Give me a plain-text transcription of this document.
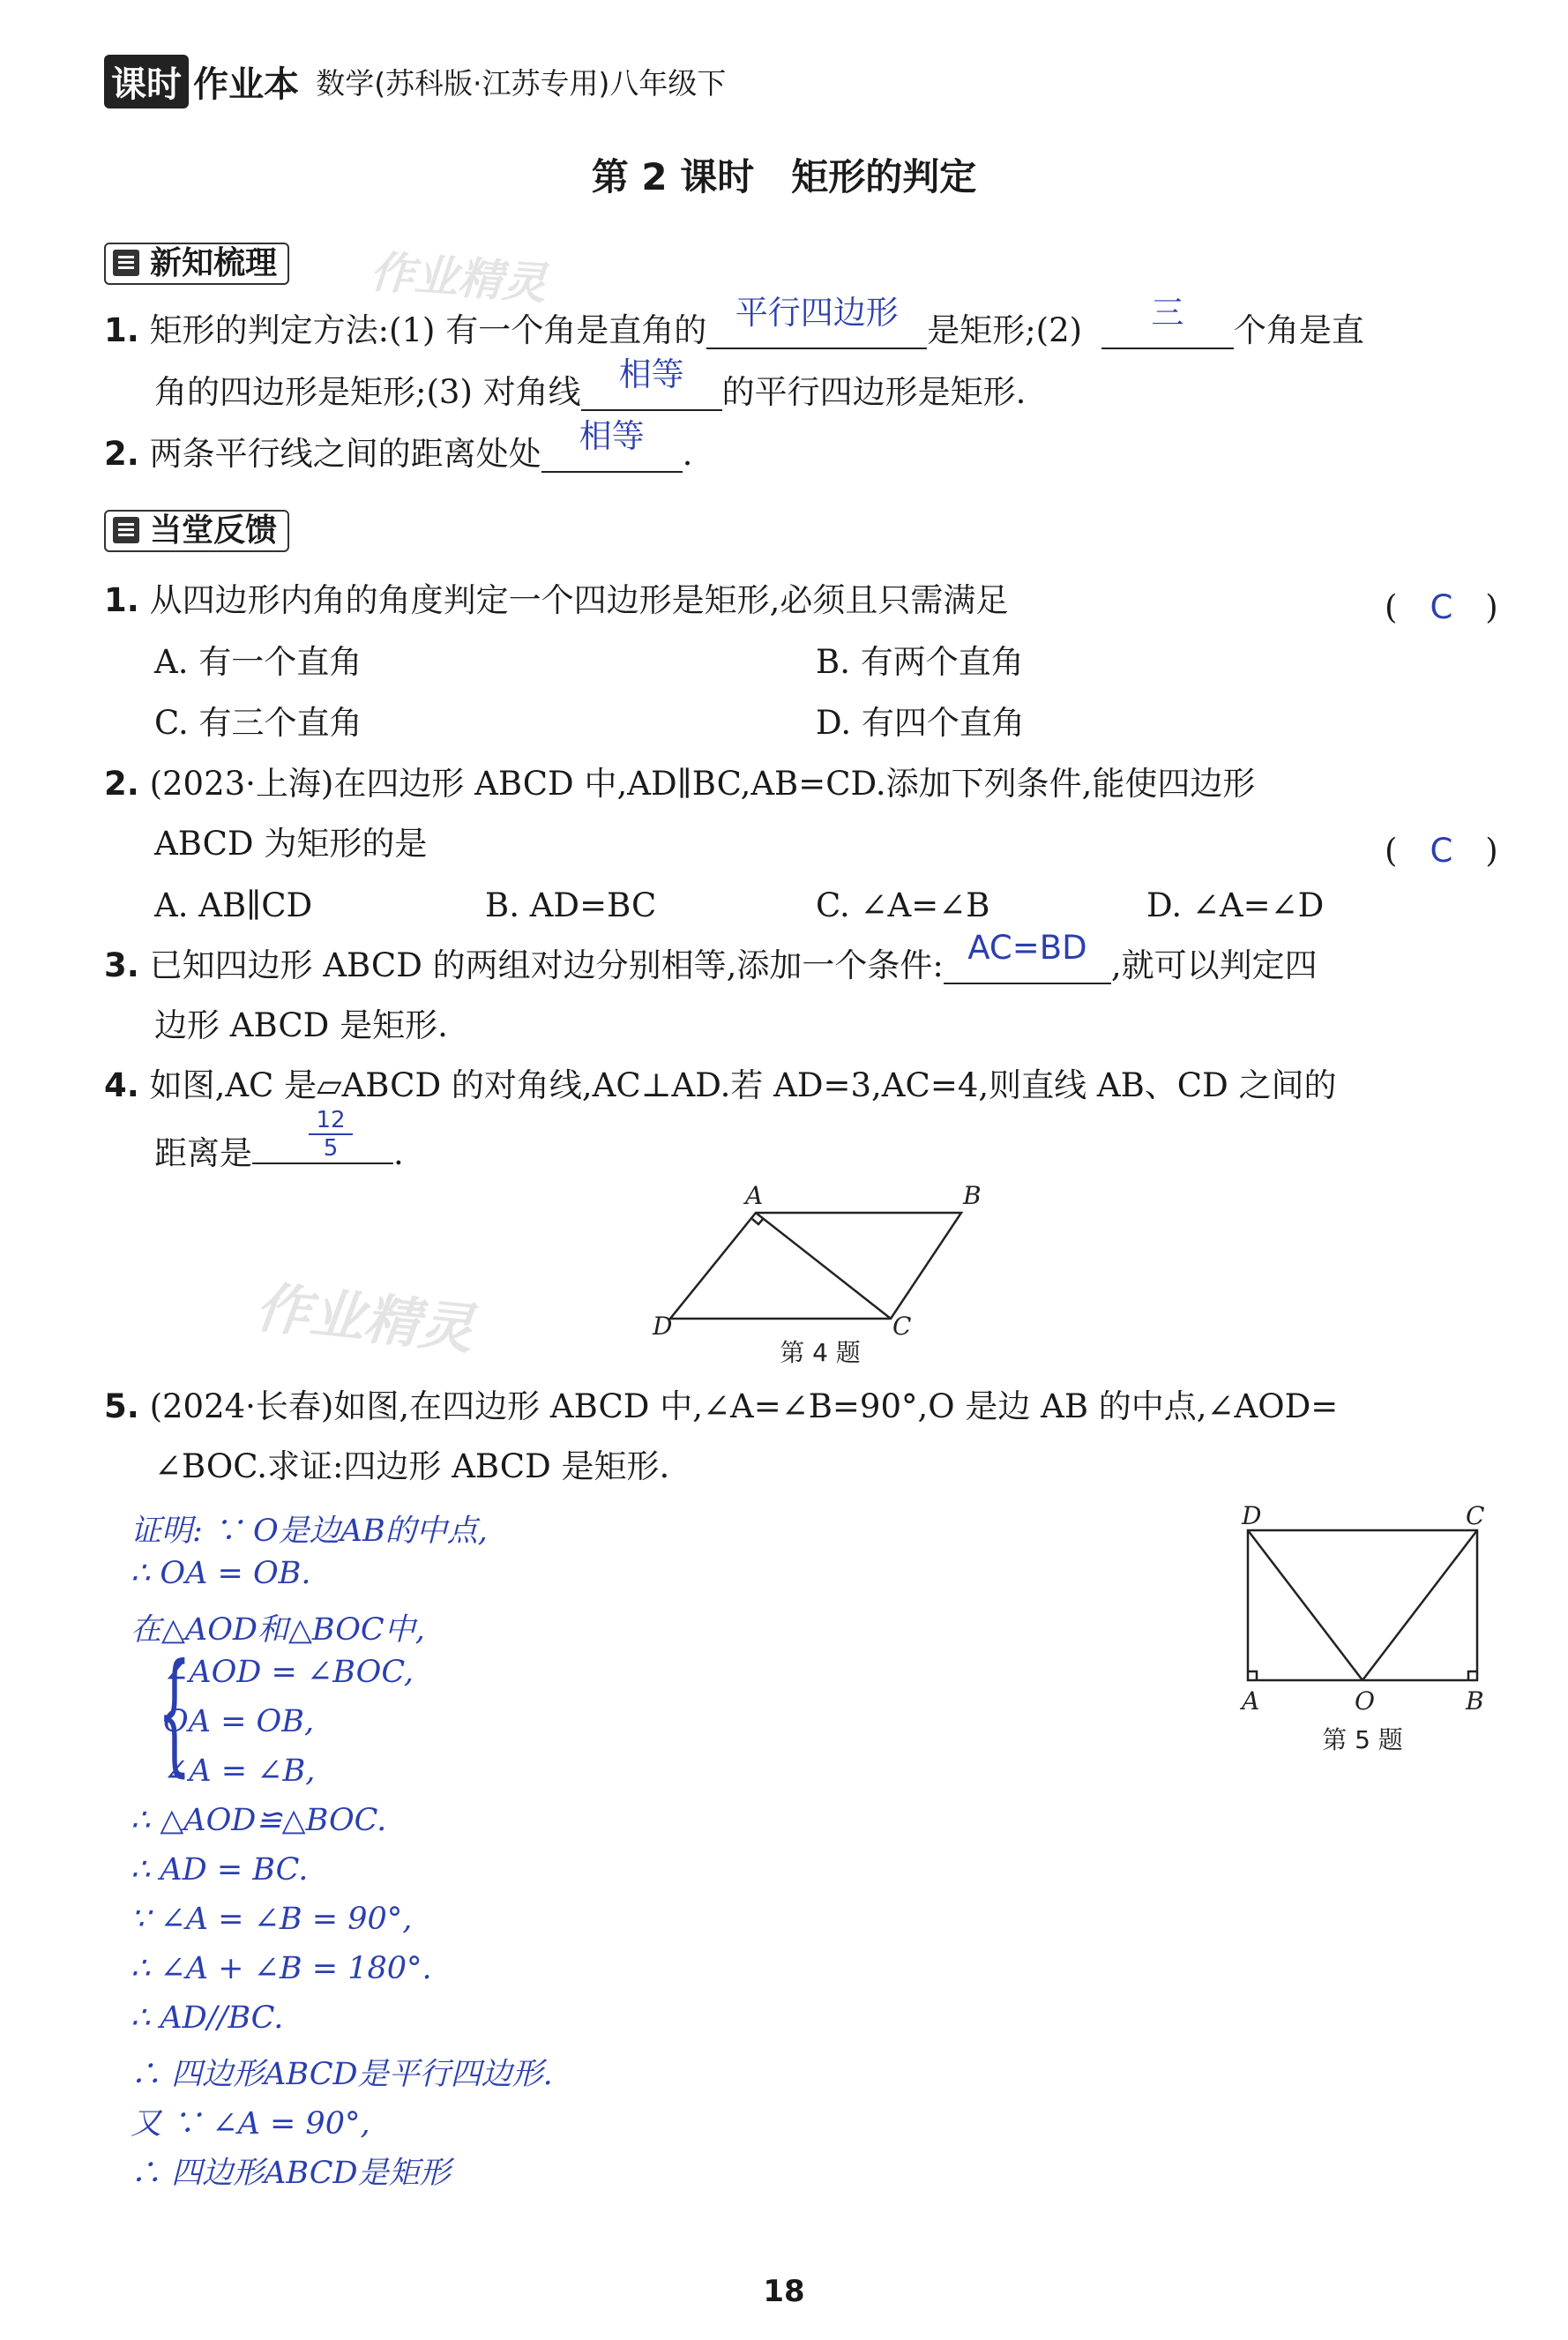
课时 作业本 数学(苏科版·江苏专用)八年级下
第 2 课时　矩形的判定
作业精灵
作业精灵
新知梳理
1. 矩形的判定方法:(1) 有一个角是直角的 平行四边形 是矩形;(2) 三 个角是直
角的四边形是矩形;(3) 对角线 相等 的平行四边形是矩形.
2. 两条平行线之间的距离处处 相等 .
当堂反馈
1. 从四边形内角的角度判定一个四边形是矩形,必须且只需满足	(　C　)
A. 有一个直角	B. 有两个直角
C. 有三个直角	D. 有四个直角
2. (2023·上海)在四边形 ABCD 中,AD∥BC,AB=CD.添加下列条件,能使四边形
ABCD 为矩形的是	(　C　)
A. AB∥CD	B. AD=BC	C. ∠A=∠B	D. ∠A=∠D
3. 已知四边形 ABCD 的两组对边分别相等,添加一个条件: AC=BD ,就可以判定四
边形 ABCD 是矩形.
4. 如图,AC 是▱ABCD 的对角线,AC⊥AD.若 AD=3,AC=4,则直线 AB、CD 之间的
距离是	.
$\frac{12}{5}$
A	B
C
D
第 4 题
5. (2024·长春)如图,在四边形 ABCD 中,∠A=∠B=90°,O 是边 AB 的中点,∠AOD=
∠BOC.求证:四边形 ABCD 是矩形.
D	C
A	O	B
第 5 题
证明: ∵ O是边AB的中点,
∴ OA = OB.
在△AOD和△BOC中,
{
∠AOD = ∠BOC,
OA = OB,
∠A = ∠B,
∴ △AOD≌△BOC.
∴ AD = BC.
∵ ∠A = ∠B = 90°,
∴ ∠A + ∠B = 180°.
∴ AD//BC.
∴ 四边形ABCD是平行四边形.
又 ∵ ∠A = 90°,
∴ 四边形ABCD是矩形
18
